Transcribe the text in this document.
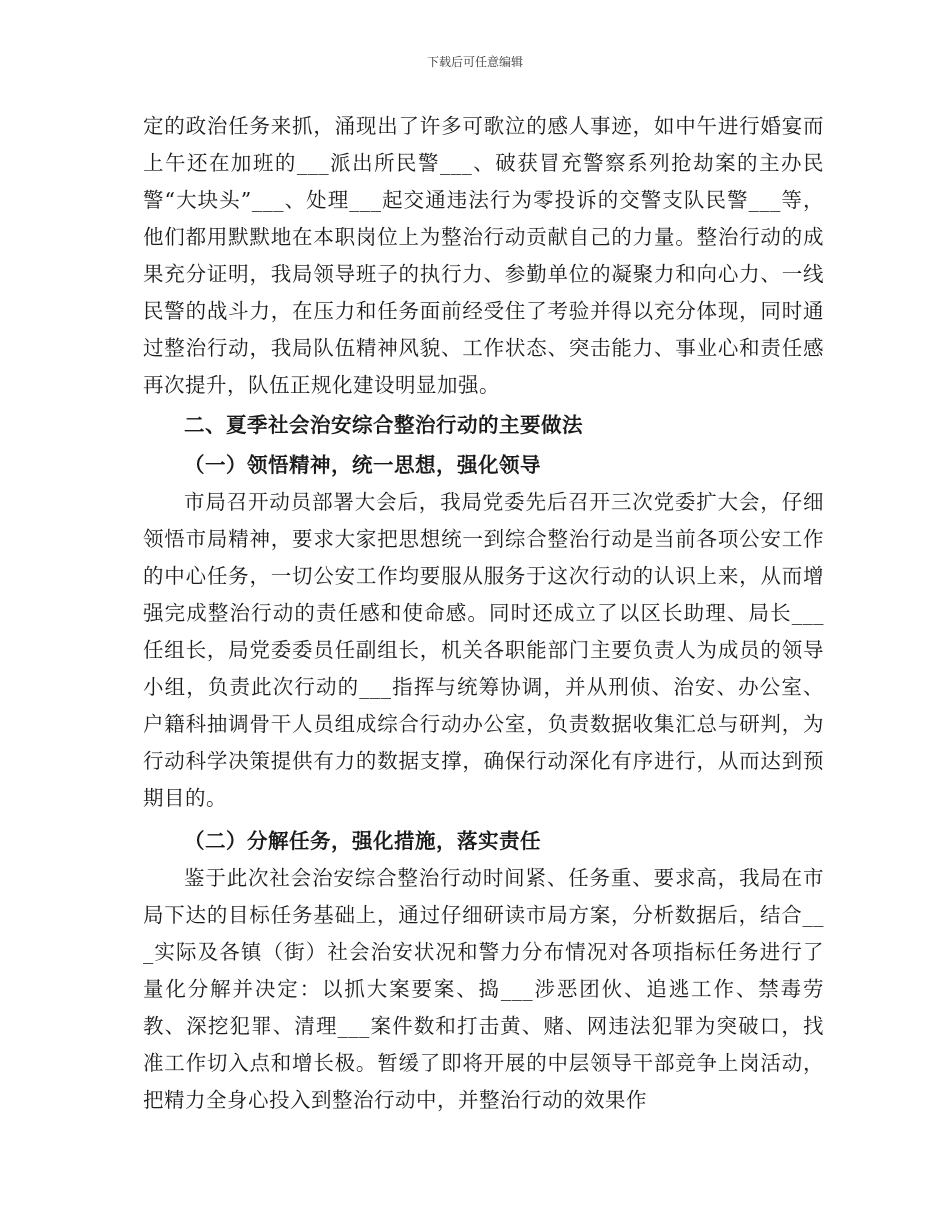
下载后可任意编辑

定的政治任务来抓，涌现出了许多可歌泣的感人事迹，如中午进行婚宴而上午还在加班的___派出所民警___、破获冒充警察系列抢劫案的主办民警“大块头”___、处理___起交通违法行为零投诉的交警支队民警___等，他们都用默默地在本职岗位上为整治行动贡献自己的力量。整治行动的成果充分证明，我局领导班子的执行力、参勤单位的凝聚力和向心力、一线民警的战斗力，在压力和任务面前经受住了考验并得以充分体现，同时通过整治行动，我局队伍精神风貌、工作状态、突击能力、事业心和责任感再次提升，队伍正规化建设明显加强。

二、夏季社会治安综合整治行动的主要做法

（一）领悟精神，统一思想，强化领导

市局召开动员部署大会后，我局党委先后召开三次党委扩大会，仔细领悟市局精神，要求大家把思想统一到综合整治行动是当前各项公安工作的中心任务，一切公安工作均要服从服务于这次行动的认识上来，从而增强完成整治行动的责任感和使命感。同时还成立了以区长助理、局长___任组长，局党委委员任副组长，机关各职能部门主要负责人为成员的领导小组，负责此次行动的___指挥与统筹协调，并从刑侦、治安、办公室、户籍科抽调骨干人员组成综合行动办公室，负责数据收集汇总与研判，为行动科学决策提供有力的数据支撑，确保行动深化有序进行，从而达到预期目的。

（二）分解任务，强化措施，落实责任

鉴于此次社会治安综合整治行动时间紧、任务重、要求高，我局在市局下达的目标任务基础上，通过仔细研读市局方案，分析数据后，结合___实际及各镇（街）社会治安状况和警力分布情况对各项指标任务进行了量化分解并决定：以抓大案要案、捣___涉恶团伙、追逃工作、禁毒劳教、深挖犯罪、清理___案件数和打击黄、赌、网违法犯罪为突破口，找准工作切入点和增长极。暂缓了即将开展的中层领导干部竞争上岗活动，把精力全身心投入到整治行动中，并整治行动的效果作
